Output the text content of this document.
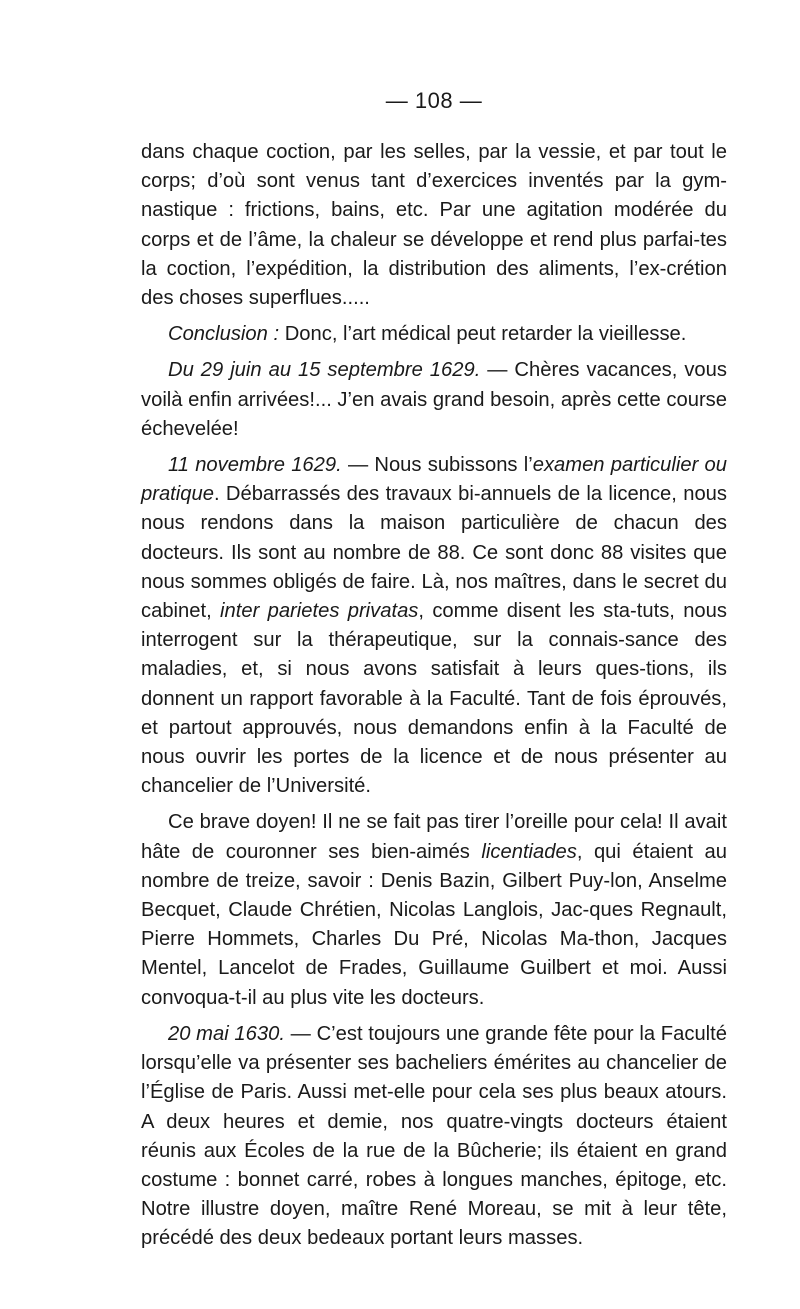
— 108 —

dans chaque coction, par les selles, par la vessie, et par tout le corps; d’où sont venus tant d’exercices inventés par la gym-nastique : frictions, bains, etc. Par une agitation modérée du corps et de l’âme, la chaleur se développe et rend plus parfai-tes la coction, l’expédition, la distribution des aliments, l’ex-crétion des choses superflues.....

Conclusion : Donc, l’art médical peut retarder la vieillesse.

Du 29 juin au 15 septembre 1629. — Chères vacances, vous voilà enfin arrivées!... J’en avais grand besoin, après cette course échevelée!

11 novembre 1629. — Nous subissons l’examen particulier ou pratique. Débarrassés des travaux bi-annuels de la licence, nous nous rendons dans la maison particulière de chacun des docteurs. Ils sont au nombre de 88. Ce sont donc 88 visites que nous sommes obligés de faire. Là, nos maîtres, dans le secret du cabinet, inter parietes privatas, comme disent les sta-tuts, nous interrogent sur la thérapeutique, sur la connais-sance des maladies, et, si nous avons satisfait à leurs ques-tions, ils donnent un rapport favorable à la Faculté. Tant de fois éprouvés, et partout approuvés, nous demandons enfin à la Faculté de nous ouvrir les portes de la licence et de nous présenter au chancelier de l’Université.

Ce brave doyen! Il ne se fait pas tirer l’oreille pour cela! Il avait hâte de couronner ses bien-aimés licentiades, qui étaient au nombre de treize, savoir : Denis Bazin, Gilbert Puy-lon, Anselme Becquet, Claude Chrétien, Nicolas Langlois, Jac-ques Regnault, Pierre Hommets, Charles Du Pré, Nicolas Ma-thon, Jacques Mentel, Lancelot de Frades, Guillaume Guilbert et moi. Aussi convoqua-t-il au plus vite les docteurs.

20 mai 1630. — C’est toujours une grande fête pour la Faculté lorsqu’elle va présenter ses bacheliers émérites au chancelier de l’Église de Paris. Aussi met-elle pour cela ses plus beaux atours. A deux heures et demie, nos quatre-vingts docteurs étaient réunis aux Écoles de la rue de la Bûcherie; ils étaient en grand costume : bonnet carré, robes à longues manches, épitoge, etc. Notre illustre doyen, maître René Moreau, se mit à leur tête, précédé des deux bedeaux portant leurs masses.
